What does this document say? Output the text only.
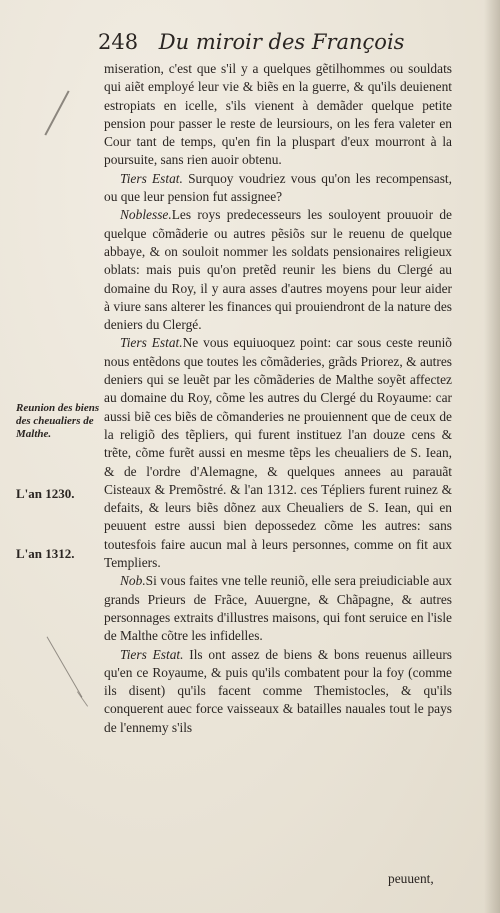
248 Du miroir des François
Reunion des biens des cheualiers de Malthe.
L'an 1230.
L'an 1312.

miseration, c'est que s'il y a quelques gẽtilhommes ou souldats qui aiẽt employé leur vie & biẽs en la guerre, & qu'ils deuienent estropiats en icelle, s'ils vienent à demãder quelque petite pension pour passer le reste de leursiours, on les fera valeter en Cour tant de temps, qu'en fin la pluspart d'eux mourront à la poursuite, sans rien auoir obtenu.

Tiers Estat. Surquoy voudriez vous qu'on les recompensast, ou que leur pension fut assignee?

Noblesse.Les roys predecesseurs les souloyent prouuoir de quelque cõmãderie ou autres pẽsiõs sur le reuenu de quelque abbaye, & on souloit nommer les soldats pensionaires religieux oblats: mais puis qu'on pretẽd reunir les biens du Clergé au domaine du Roy, il y aura asses d'autres moyens pour leur aider à viure sans alterer les finances qui prouiendront de la nature des deniers du Clergé.

Tiers Estat.Ne vous equiuoquez point: car sous ceste reuniõ nous entẽdons que toutes les cõmãderies, grãds Priorez, & autres deniers qui se leuẽt par les cõmãderies de Malthe soyẽt affectez au domaine du Roy, cõme les autres du Clergé du Royaume: car aussi biẽ ces biẽs de cõmanderies ne prouiennent que de ceux de la religiõ des tẽpliers, qui furent instituez l'an douze cens & trẽte, cõme furẽt aussi en mesme tẽps les cheualiers de S. Iean, & de l'ordre d'Alemagne, & quelques annees au parauãt Cisteaux & Premõstré. & l'an 1312. ces Tépliers furent ruinez & defaits, & leurs biẽs dõnez aux Cheualiers de S. Iean, qui en peuuent estre aussi bien depossedez cõme les autres: sans toutesfois faire aucun mal à leurs personnes, comme on fit aux Templiers.

Nob.Si vous faites vne telle reuniõ, elle sera preiudiciable aux grands Prieurs de Frãce, Auuergne, & Chãpagne, & autres personnages extraits d'illustres maisons, qui font seruice en l'isle de Malthe cõtre les infidelles.

Tiers Estat. Ils ont assez de biens & bons reuenus ailleurs qu'en ce Royaume, & puis qu'ils combatent pour la foy (comme ils disent) qu'ils facent comme Themistocles, & qu'ils conquerent auec force vaisseaux & batailles nauales tout le pays de l'ennemy s'ils

peuuent,
